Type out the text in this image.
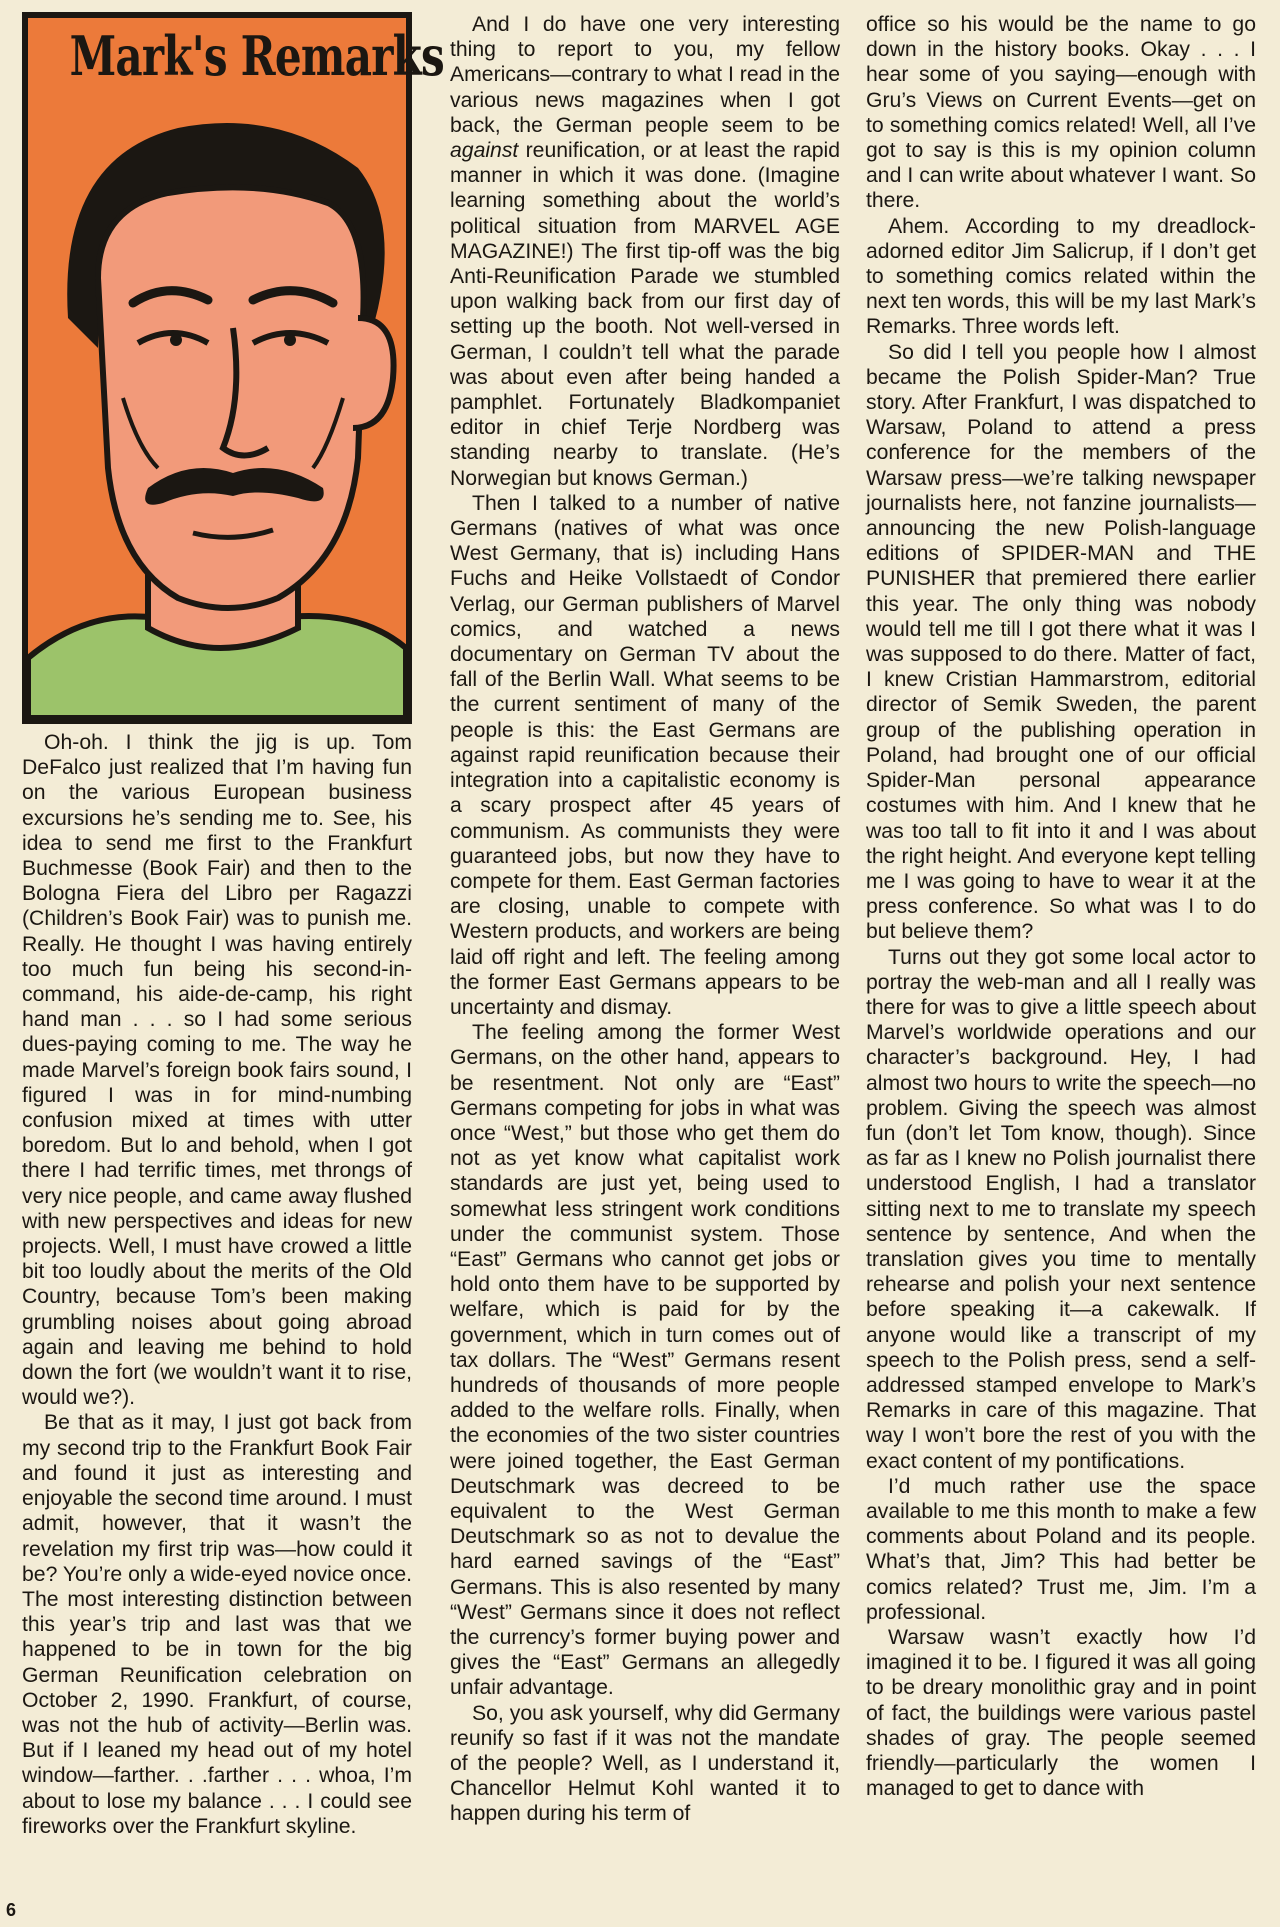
Mark's Remarks

Oh-oh. I think the jig is up. Tom DeFalco just realized that I’m having fun on the various European business excursions he’s sending me to. See, his idea to send me first to the Frankfurt Buchmesse (Book Fair) and then to the Bologna Fiera del Libro per Ragazzi (Children’s Book Fair) was to punish me. Really. He thought I was having entirely too much fun being his second-in-command, his aide-de-camp, his right hand man . . . so I had some serious dues-paying coming to me. The way he made Marvel’s foreign book fairs sound, I figured I was in for mind-numbing confusion mixed at times with utter boredom. But lo and behold, when I got there I had terrific times, met throngs of very nice people, and came away flushed with new perspectives and ideas for new projects. Well, I must have crowed a little bit too loudly about the merits of the Old Country, because Tom’s been making grumbling noises about going abroad again and leaving me behind to hold down the fort (we wouldn’t want it to rise, would we?).

Be that as it may, I just got back from my second trip to the Frankfurt Book Fair and found it just as interesting and enjoyable the second time around. I must admit, however, that it wasn’t the revelation my first trip was—how could it be? You’re only a wide-eyed novice once. The most interesting distinction between this year’s trip and last was that we happened to be in town for the big German Reunification celebration on October 2, 1990. Frankfurt, of course, was not the hub of activity—Berlin was. But if I leaned my head out of my hotel window—farther. . .farther . . . whoa, I’m about to lose my balance . . . I could see fireworks over the Frankfurt skyline.

And I do have one very interesting thing to report to you, my fellow Americans—contrary to what I read in the various news magazines when I got back, the German people seem to be against reunification, or at least the rapid manner in which it was done. (Imagine learning something about the world’s political situation from MARVEL AGE MAGAZINE!) The first tip-off was the big Anti-Reunification Parade we stumbled upon walking back from our first day of setting up the booth. Not well-versed in German, I couldn’t tell what the parade was about even after being handed a pamphlet. Fortunately Bladkompaniet editor in chief Terje Nordberg was standing nearby to translate. (He’s Norwegian but knows German.)

Then I talked to a number of native Germans (natives of what was once West Germany, that is) including Hans Fuchs and Heike Vollstaedt of Condor Verlag, our German publishers of Marvel comics, and watched a news documentary on German TV about the fall of the Berlin Wall. What seems to be the current sentiment of many of the people is this: the East Germans are against rapid reunification because their integration into a capitalistic economy is a scary prospect after 45 years of communism. As communists they were guaranteed jobs, but now they have to compete for them. East German factories are closing, unable to compete with Western products, and workers are being laid off right and left. The feeling among the former East Germans appears to be uncertainty and dismay.

The feeling among the former West Germans, on the other hand, appears to be resentment. Not only are “East” Germans competing for jobs in what was once “West,” but those who get them do not as yet know what capitalist work standards are just yet, being used to somewhat less stringent work conditions under the communist system. Those “East” Germans who cannot get jobs or hold onto them have to be supported by welfare, which is paid for by the government, which in turn comes out of tax dollars. The “West” Germans resent hundreds of thousands of more people added to the welfare rolls. Finally, when the economies of the two sister countries were joined together, the East German Deutschmark was decreed to be equivalent to the West German Deutschmark so as not to devalue the hard earned savings of the “East” Germans. This is also resented by many “West” Germans since it does not reflect the currency’s former buying power and gives the “East” Germans an allegedly unfair advantage.

So, you ask yourself, why did Germany reunify so fast if it was not the mandate of the people? Well, as I understand it, Chancellor Helmut Kohl wanted it to happen during his term of

office so his would be the name to go down in the history books. Okay . . . I hear some of you saying—enough with Gru’s Views on Current Events—get on to something comics related! Well, all I’ve got to say is this is my opinion column and I can write about whatever I want. So there.

Ahem. According to my dreadlock-adorned editor Jim Salicrup, if I don’t get to something comics related within the next ten words, this will be my last Mark’s Remarks. Three words left.

So did I tell you people how I almost became the Polish Spider-Man? True story. After Frankfurt, I was dispatched to Warsaw, Poland to attend a press conference for the members of the Warsaw press—we’re talking newspaper journalists here, not fanzine journalists—announcing the new Polish-language editions of SPIDER-MAN and THE PUNISHER that premiered there earlier this year. The only thing was nobody would tell me till I got there what it was I was supposed to do there. Matter of fact, I knew Cristian Hammarstrom, editorial director of Semik Sweden, the parent group of the publishing operation in Poland, had brought one of our official Spider-Man personal appearance costumes with him. And I knew that he was too tall to fit into it and I was about the right height. And everyone kept telling me I was going to have to wear it at the press conference. So what was I to do but believe them?

Turns out they got some local actor to portray the web-man and all I really was there for was to give a little speech about Marvel’s worldwide operations and our character’s background. Hey, I had almost two hours to write the speech—no problem. Giving the speech was almost fun (don’t let Tom know, though). Since as far as I knew no Polish journalist there understood English, I had a translator sitting next to me to translate my speech sentence by sentence, And when the translation gives you time to mentally rehearse and polish your next sentence before speaking it—a cakewalk. If anyone would like a transcript of my speech to the Polish press, send a self-addressed stamped envelope to Mark’s Remarks in care of this magazine. That way I won’t bore the rest of you with the exact content of my pontifications.

I’d much rather use the space available to me this month to make a few comments about Poland and its people. What’s that, Jim? This had better be comics related? Trust me, Jim. I’m a professional.

Warsaw wasn’t exactly how I’d imagined it to be. I figured it was all going to be dreary monolithic gray and in point of fact, the buildings were various pastel shades of gray. The people seemed friendly—particularly the women I managed to get to dance with

6
